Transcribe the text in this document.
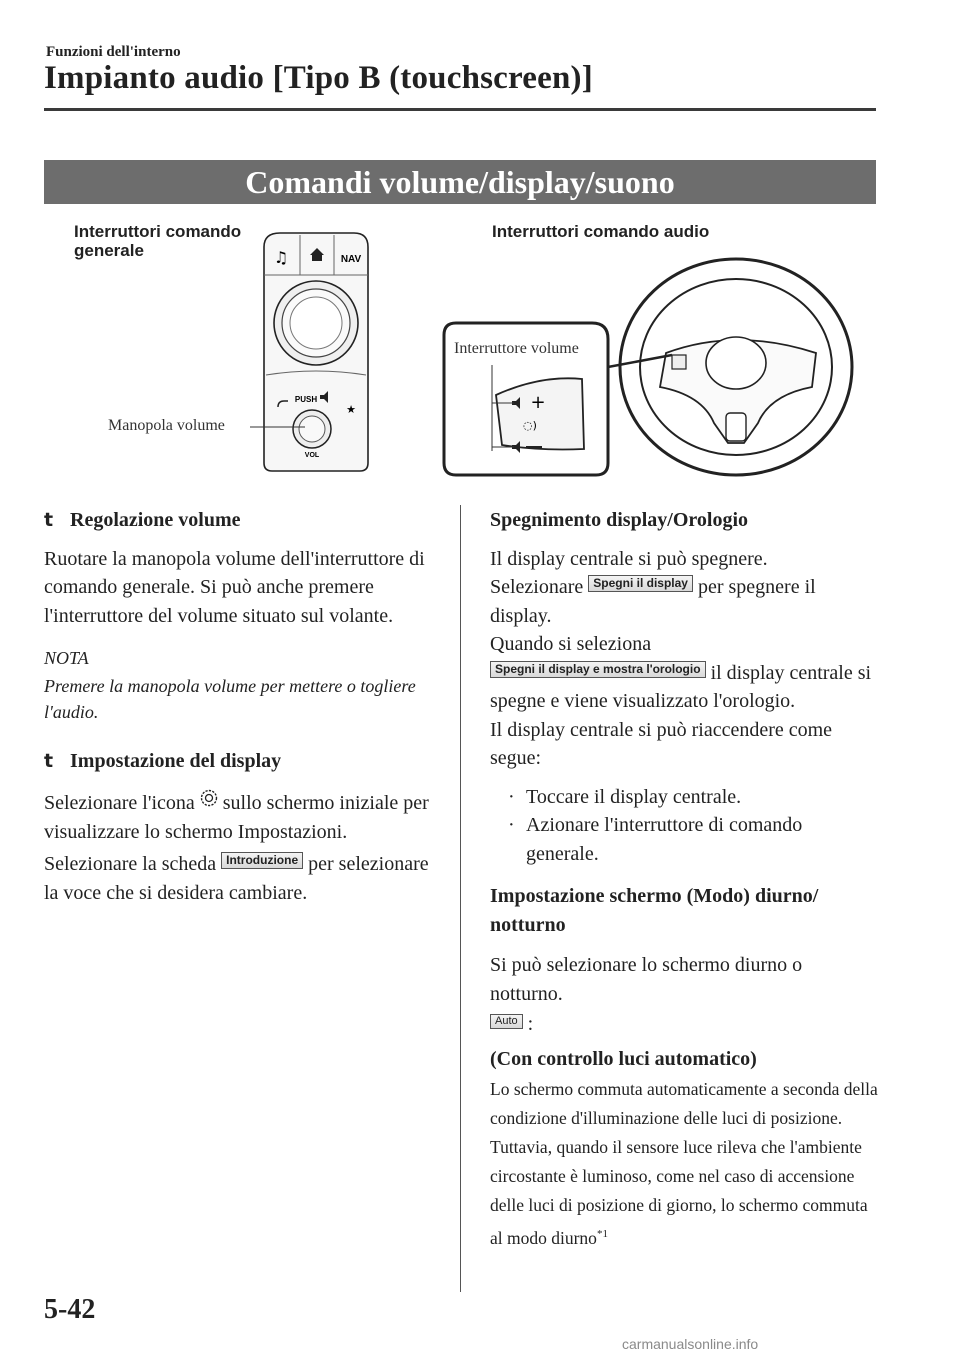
Funzioni dell'interno
Impianto audio [Tipo B (touchscreen)]
Comandi volume/display/suono
Interruttori comando generale
Interruttori comando audio
Manopola volume
♫	NAV
PUSH
★
VOL
+
◌)
Interruttore volume

t Regolazione volume

Ruotare la manopola volume dell'interruttore di comando generale. Si può anche premere l'interruttore del volume situato sul volante.

NOTA

Premere la manopola volume per mettere o togliere l'audio.

t Impostazione del display

Selezionare l'icona sullo schermo iniziale per visualizzare lo schermo Impostazioni.

Selezionare la scheda Introduzione per selezionare la voce che si desidera cambiare.

Spegnimento display/Orologio

Il display centrale si può spegnere.

Selezionare Spegni il display per spegnere il display.

Quando si seleziona
Spegni il display e mostra l'orologio il display centrale si spegne e viene visualizzato l'orologio.

Il display centrale si può riaccendere come segue:

· Toccare il display centrale.

· Azionare l'interruttore di comando generale.

Impostazione schermo (Modo) diurno/ notturno

Si può selezionare lo schermo diurno o notturno.

Auto :

(Con controllo luci automatico)

Lo schermo commuta automaticamente a seconda della condizione d'illuminazione delle luci di posizione. Tuttavia, quando il sensore luce rileva che l'ambiente circostante è luminoso, come nel caso di accensione delle luci di posizione di giorno, lo schermo commuta al modo diurno$^{*1}$

5-42
carmanualsonline.info
